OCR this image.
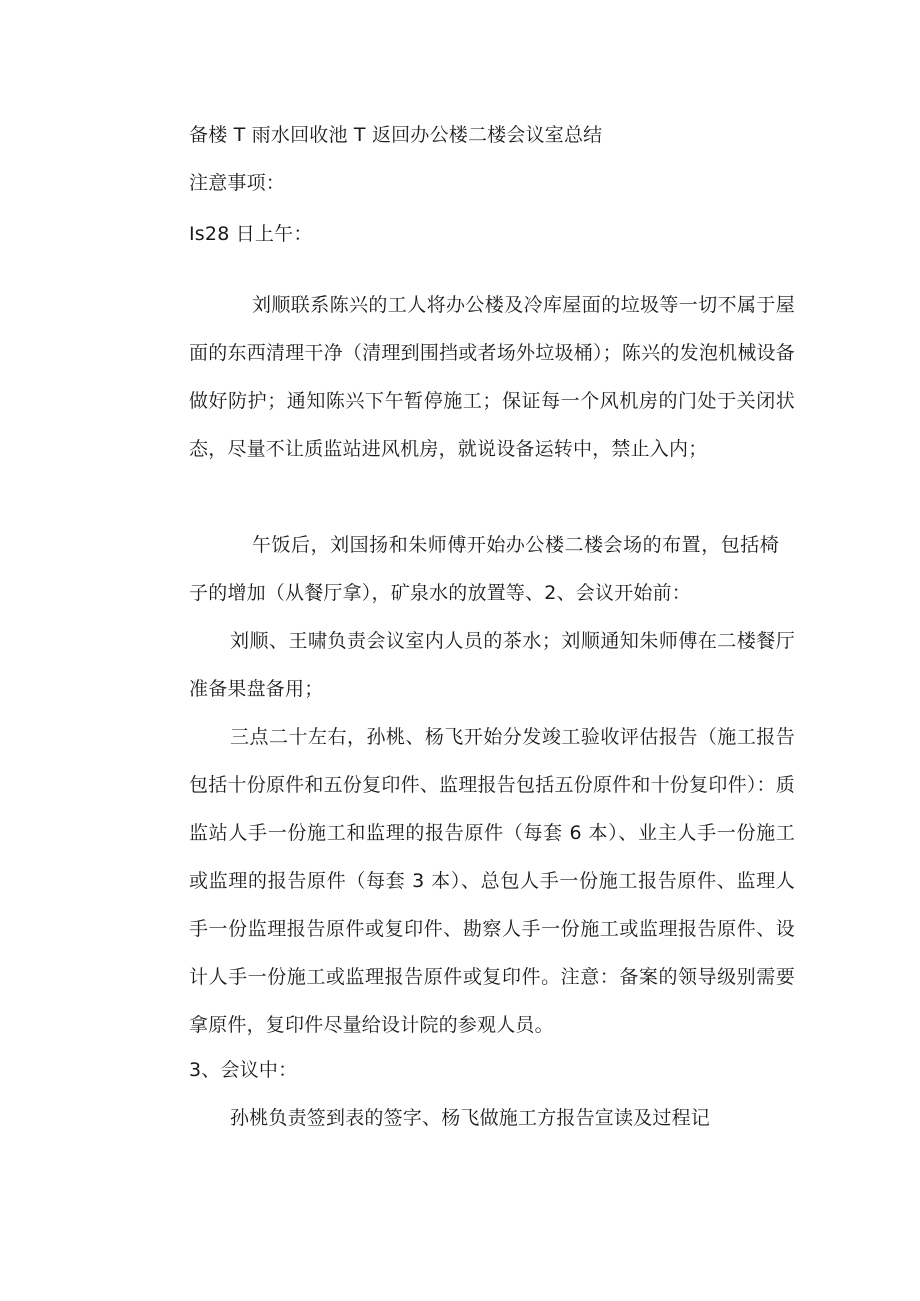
备楼 T 雨水回收池 T 返回办公楼二楼会议室总结
注意事项：
Is28 日上午：
刘顺联系陈兴的工人将办公楼及冷库屋面的垃圾等一切不属于屋面的东西清理干净（清理到围挡或者场外垃圾桶）；陈兴的发泡机械设备做好防护；通知陈兴下午暂停施工；保证每一个风机房的门处于关闭状态，尽量不让质监站进风机房，就说设备运转中，禁止入内；
午饭后，刘国扬和朱师傅开始办公楼二楼会场的布置，包括椅子的增加（从餐厅拿），矿泉水的放置等、2、会议开始前：
刘顺、王啸负责会议室内人员的茶水；刘顺通知朱师傅在二楼餐厅准备果盘备用；
三点二十左右，孙桃、杨飞开始分发竣工验收评估报告（施工报告包括十份原件和五份复印件、监理报告包括五份原件和十份复印件）：质监站人手一份施工和监理的报告原件（每套 6 本）、业主人手一份施工或监理的报告原件（每套 3 本）、总包人手一份施工报告原件、监理人手一份监理报告原件或复印件、勘察人手一份施工或监理报告原件、设计人手一份施工或监理报告原件或复印件。注意：备案的领导级别需要拿原件，复印件尽量给设计院的参观人员。
3、会议中：
孙桃负责签到表的签字、杨飞做施工方报告宣读及过程记
